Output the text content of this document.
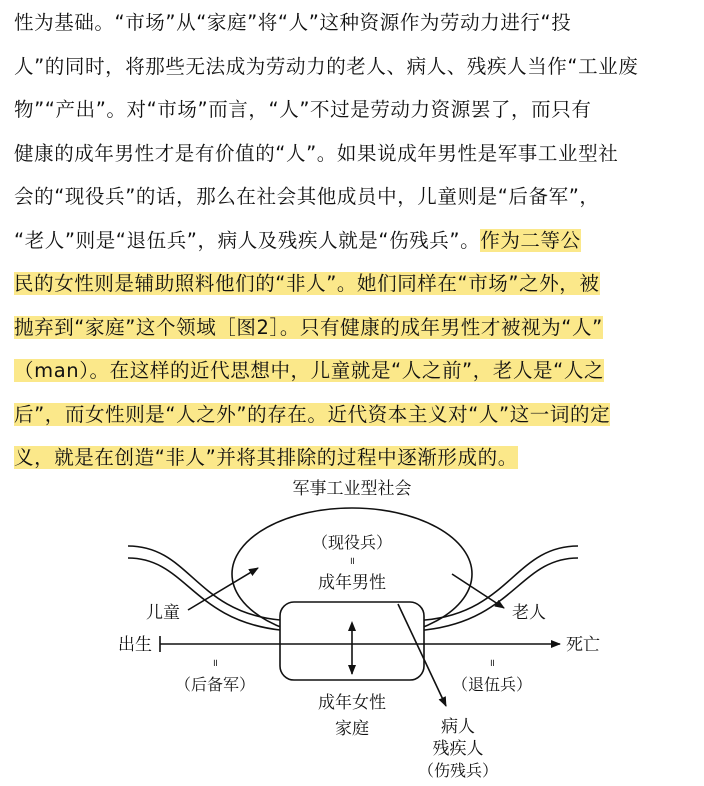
性为基础。“市场”从“家庭”将“人”这种资源作为劳动力进行“投
人”的同时，将那些无法成为劳动力的老人、病人、残疾人当作“工业废
物”“产出”。对“市场”而言，“人”不过是劳动力资源罢了，而只有
健康的成年男性才是有价值的“人”。如果说成年男性是军事工业型社
会的“现役兵”的话，那么在社会其他成员中，儿童则是“后备军”，
“老人”则是“退伍兵”，病人及残疾人就是“伤残兵”。作为二等公
民的女性则是辅助照料他们的“非人”。她们同样在“市场”之外，被
抛弃到“家庭”这个领域［图2］。只有健康的成年男性才被视为“人”
（man）。在这样的近代思想中，儿童就是“人之前”，老人是“人之
后”，而女性则是“人之外”的存在。近代资本主义对“人”这一词的定
义，就是在创造“非人”并将其排除的过程中逐渐形成的。
军事工业型社会
（现役兵）
॥
成年男性
出生	死亡
儿童	老人
॥
（后备军）
॥
（退伍兵）
成年女性
家庭	病人
残疾人
（伤残兵）
